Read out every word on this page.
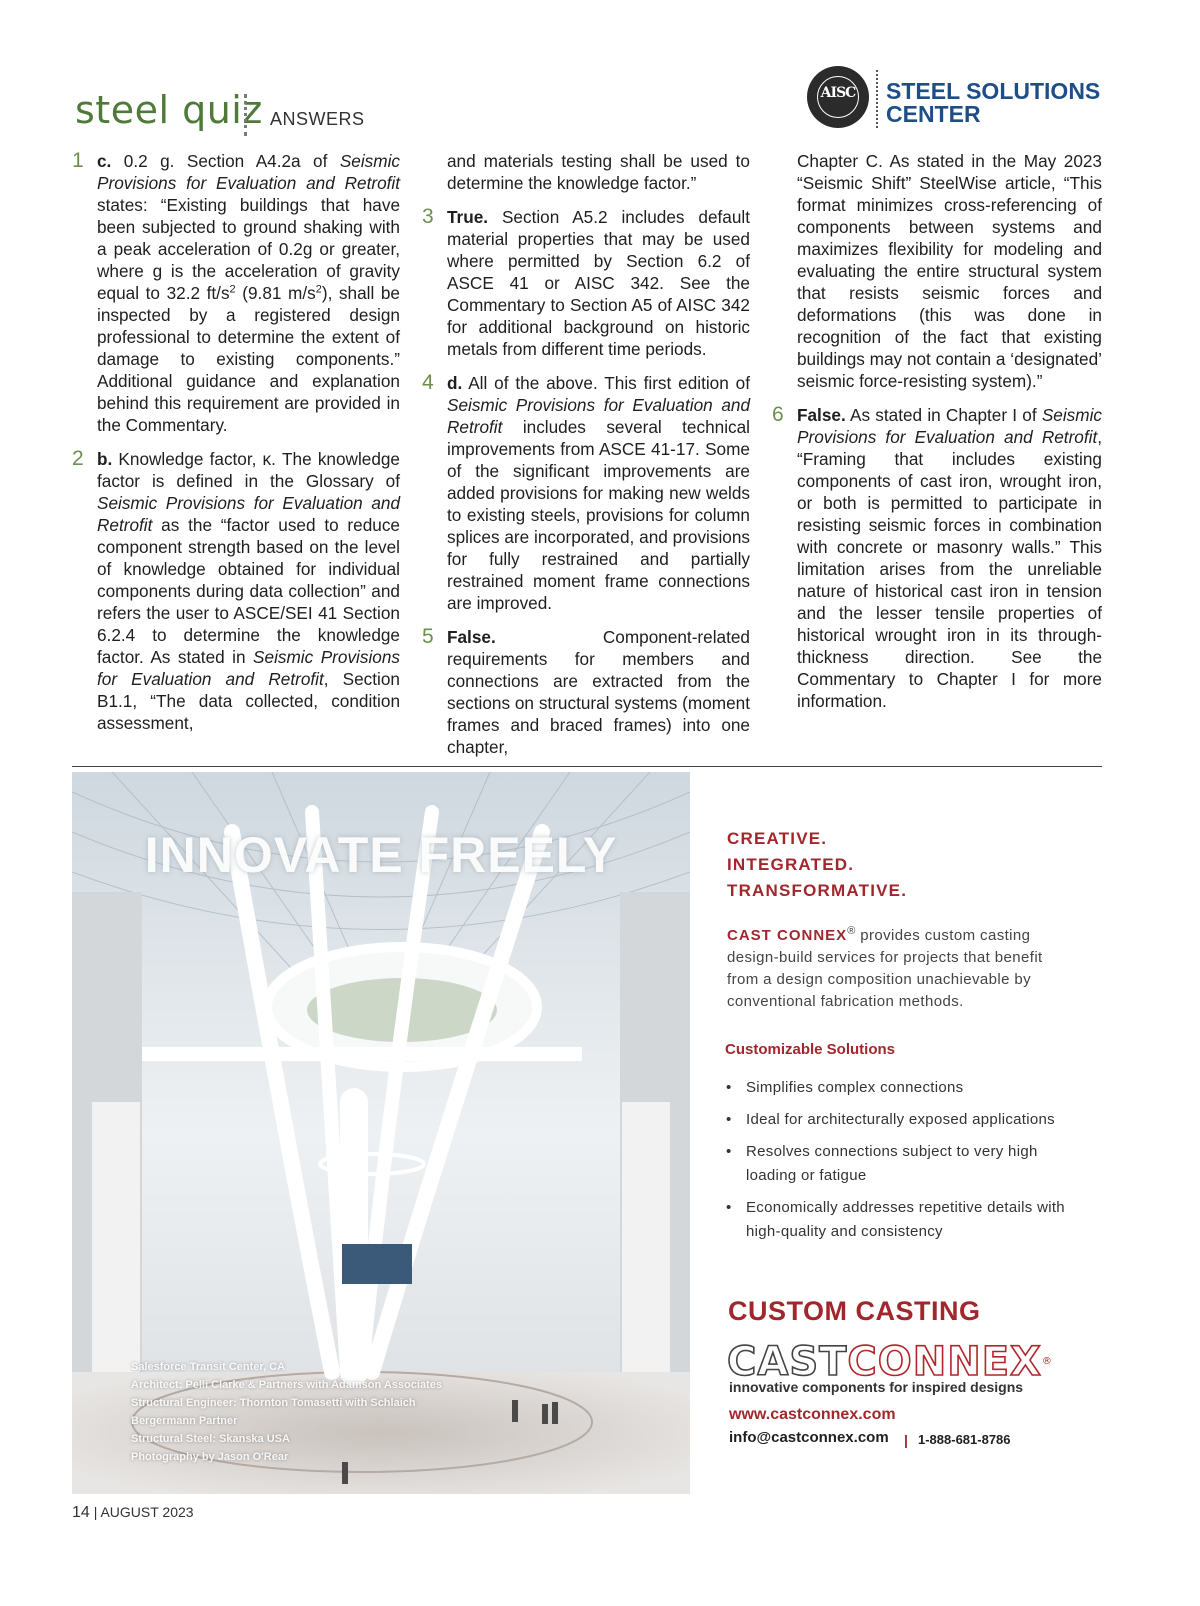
steel quiz ANSWERS
AISC	STEEL SOLUTIONS
CENTER
1 c. 0.2 g. Section A4.2a of Seismic Provisions for Evaluation and Retrofit states: “Existing buildings that have been subjected to ground shaking with a peak acceleration of 0.2g or greater, where g is the acceleration of gravity equal to 32.2 $ft/s^2$ (9.81 $m/s^2$), shall be inspected by a registered design professional to determine the extent of damage to existing components.” Additional guidance and explanation behind this requirement are provided in the Commentary.

2 b. Knowledge factor, κ. The knowledge factor is defined in the Glossary of Seismic Provisions for Evaluation and Retrofit as the “factor used to reduce component strength based on the level of knowledge obtained for individual components during data collection” and refers the user to ASCE/SEI 41 Section 6.2.4 to determine the knowledge factor. As stated in Seismic Provisions for Evaluation and Retrofit, Section B1.1, “The data collected, condition assessment,

and materials testing shall be used to determine the knowledge factor.”

3 True. Section A5.2 includes default material properties that may be used where permitted by Section 6.2 of ASCE 41 or AISC 342. See the Commentary to Section A5 of AISC 342 for additional background on historic metals from different time periods.

4 d. All of the above. This first edition of Seismic Provisions for Evaluation and Retrofit includes several technical improvements from ASCE 41-17. Some of the significant improvements are added provisions for making new welds to existing steels, provisions for column splices are incorporated, and provisions for fully restrained and partially restrained moment frame connections are improved.

5 False. Component-related requirements for members and connections are extracted from the sections on structural systems (moment frames and braced frames) into one chapter,

Chapter C. As stated in the May 2023 “Seismic Shift” SteelWise article, “This format minimizes cross-referencing of components between systems and maximizes flexibility for modeling and evaluating the entire structural system that resists seismic forces and deformations (this was done in recognition of the fact that existing buildings may not contain a ‘designated’ seismic force-resisting system).”

6 False. As stated in Chapter I of Seismic Provisions for Evaluation and Retrofit, “Framing that includes existing components of cast iron, wrought iron, or both is permitted to participate in resisting seismic forces in combination with concrete or masonry walls.” This limitation arises from the unreliable nature of historical cast iron in tension and the lesser tensile properties of historical wrought iron in its through-thickness direction. See the Commentary to Chapter I for more information.

INNOVATE FREELY
Salesforce Transit Center, CA
Architect: Pelli Clarke & Partners with Adamson Associates
Structural Engineer: Thornton Tomasetti with Schlaich
Bergermann Partner
Structural Steel: Skanska USA
Photography by Jason O'Rear
CREATIVE.
INTEGRATED.
TRANSFORMATIVE.
CAST CONNEX® provides custom casting design-build services for projects that benefit from a design composition unachievable by conventional fabrication methods.
Customizable Solutions
• Simplifies complex connections
• Ideal for architecturally exposed applications
• Resolves connections subject to very high loading or fatigue
• Economically addresses repetitive details with high-quality and consistency
CUSTOM CASTING
CASTCONNEX®
innovative components for inspired designs
www.castconnex.com
info@castconnex.com | 1-888-681-8786
14 | AUGUST 2023
